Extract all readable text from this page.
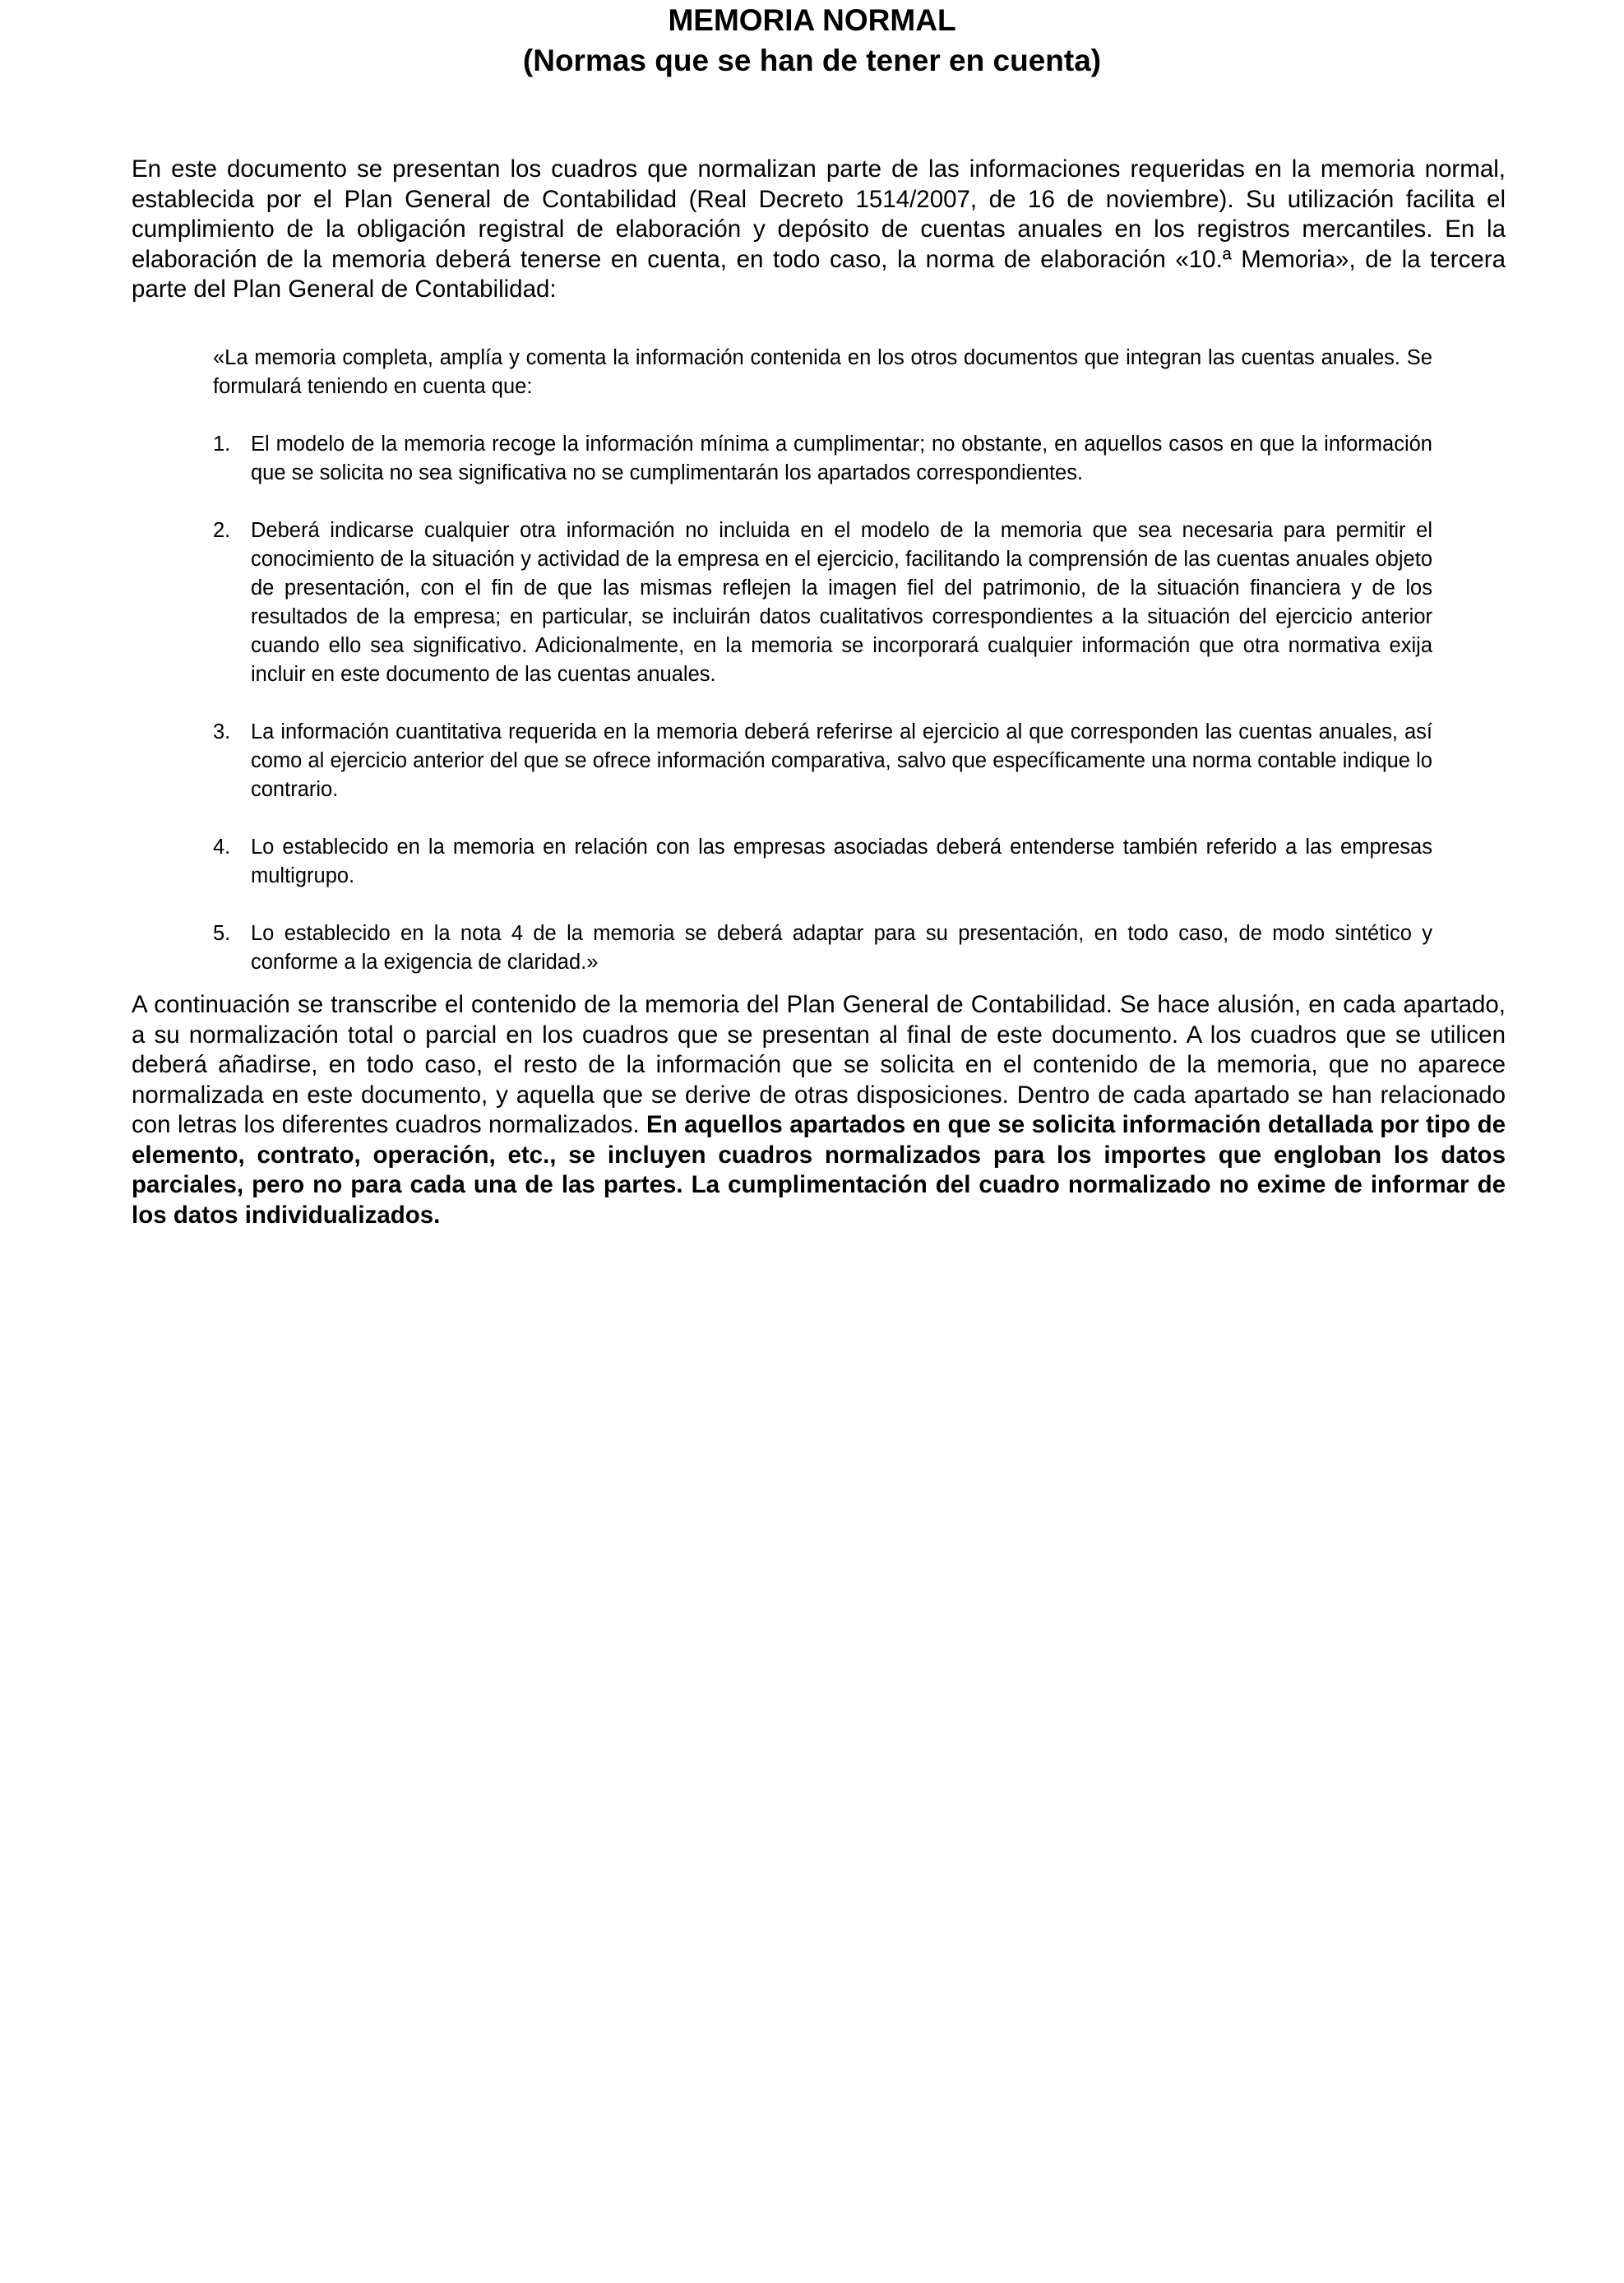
MEMORIA NORMAL
(Normas que se han de tener en cuenta)

En este documento se presentan los cuadros que normalizan parte de las informaciones requeridas en la memoria normal, establecida por el Plan General de Contabilidad (Real Decreto 1514/2007, de 16 de noviembre). Su utilización facilita el cumplimiento de la obligación registral de elaboración y depósito de cuentas anuales en los registros mercantiles. En la elaboración de la memoria deberá tenerse en cuenta, en todo caso, la norma de elaboración «10.ª Memoria», de la tercera parte del Plan General de Contabilidad:

«La memoria completa, amplía y comenta la información contenida en los otros documentos que integran las cuentas anuales. Se formulará teniendo en cuenta que:

1. El modelo de la memoria recoge la información mínima a cumplimentar; no obstante, en aquellos casos en que la información que se solicita no sea significativa no se cumplimentarán los apartados correspondientes.
2. Deberá indicarse cualquier otra información no incluida en el modelo de la memoria que sea necesaria para permitir el conocimiento de la situación y actividad de la empresa en el ejercicio, facilitando la comprensión de las cuentas anuales objeto de presentación, con el fin de que las mismas reflejen la imagen fiel del patrimonio, de la situación financiera y de los resultados de la empresa; en particular, se incluirán datos cualitativos correspondientes a la situación del ejercicio anterior cuando ello sea significativo. Adicionalmente, en la memoria se incorporará cualquier información que otra normativa exija incluir en este documento de las cuentas anuales.
3. La información cuantitativa requerida en la memoria deberá referirse al ejercicio al que corresponden las cuentas anuales, así como al ejercicio anterior del que se ofrece información comparativa, salvo que específicamente una norma contable indique lo contrario.
4. Lo establecido en la memoria en relación con las empresas asociadas deberá entenderse también referido a las empresas multigrupo.
5. Lo establecido en la nota 4 de la memoria se deberá adaptar para su presentación, en todo caso, de modo sintético y conforme a la exigencia de claridad.»

A continuación se transcribe el contenido de la memoria del Plan General de Contabilidad. Se hace alusión, en cada apartado, a su normalización total o parcial en los cuadros que se presentan al final de este documento. A los cuadros que se utilicen deberá añadirse, en todo caso, el resto de la información que se solicita en el contenido de la memoria, que no aparece normalizada en este documento, y aquella que se derive de otras disposiciones. Dentro de cada apartado se han relacionado con letras los diferentes cuadros normalizados. En aquellos apartados en que se solicita información detallada por tipo de elemento, contrato, operación, etc., se incluyen cuadros normalizados para los importes que engloban los datos parciales, pero no para cada una de las partes. La cumplimentación del cuadro normalizado no exime de informar de los datos individualizados.
